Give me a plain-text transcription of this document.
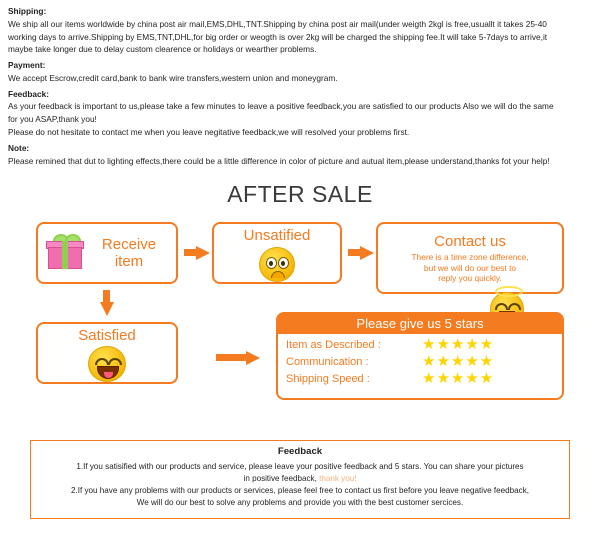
Shipping:

We ship all our items worldwide by china post air mail,EMS,DHL,TNT.Shipping by china post air mail(under weigth 2kgl is free,usuallt it takes 25-40

working days to arrive.Shipping by EMS,TNT,DHL,for big order or weogth is over 2kg will be charged the shipping fee.It will take 5-7days to arrive,it

maybe take longer due to delay custom clearence or holidays or wearther problems.

Payment:

We accept Escrow,credit card,bank to bank wire transfers,western union and moneygram.

Feedback:

As your feedback is important to us,please take a few minutes to leave a positive feedback,you are satisfied to our products Also we will do the same

for you ASAP,thank you!

Please do not hesitate to contact me when you leave negitative feedback,we will resolved your problems first.

Note:

Please remined that dut to lighting effects,there could be a little difference in color of picture and autual item,please understand,thanks fot your help!

AFTER SALE
Receive
item
Unsatified	Contact us
There is a time zone difference,
but we will do our best to
reply you quickly.
Satisfied
Please give us 5 stars
Item as Described :	★★★★★
Communication :	★★★★★
Shipping Speed :	★★★★★
Feedback
1.If you satisified with our products and service, please leave your positive feedback and 5 stars. You can share your pictures
in positive feedback, thank you!
2.If you have any problems with our products or services, please feel free to contact us first before you leave negative feedback,
We will do our best to solve any problems and provide you with the best customer sercices.
